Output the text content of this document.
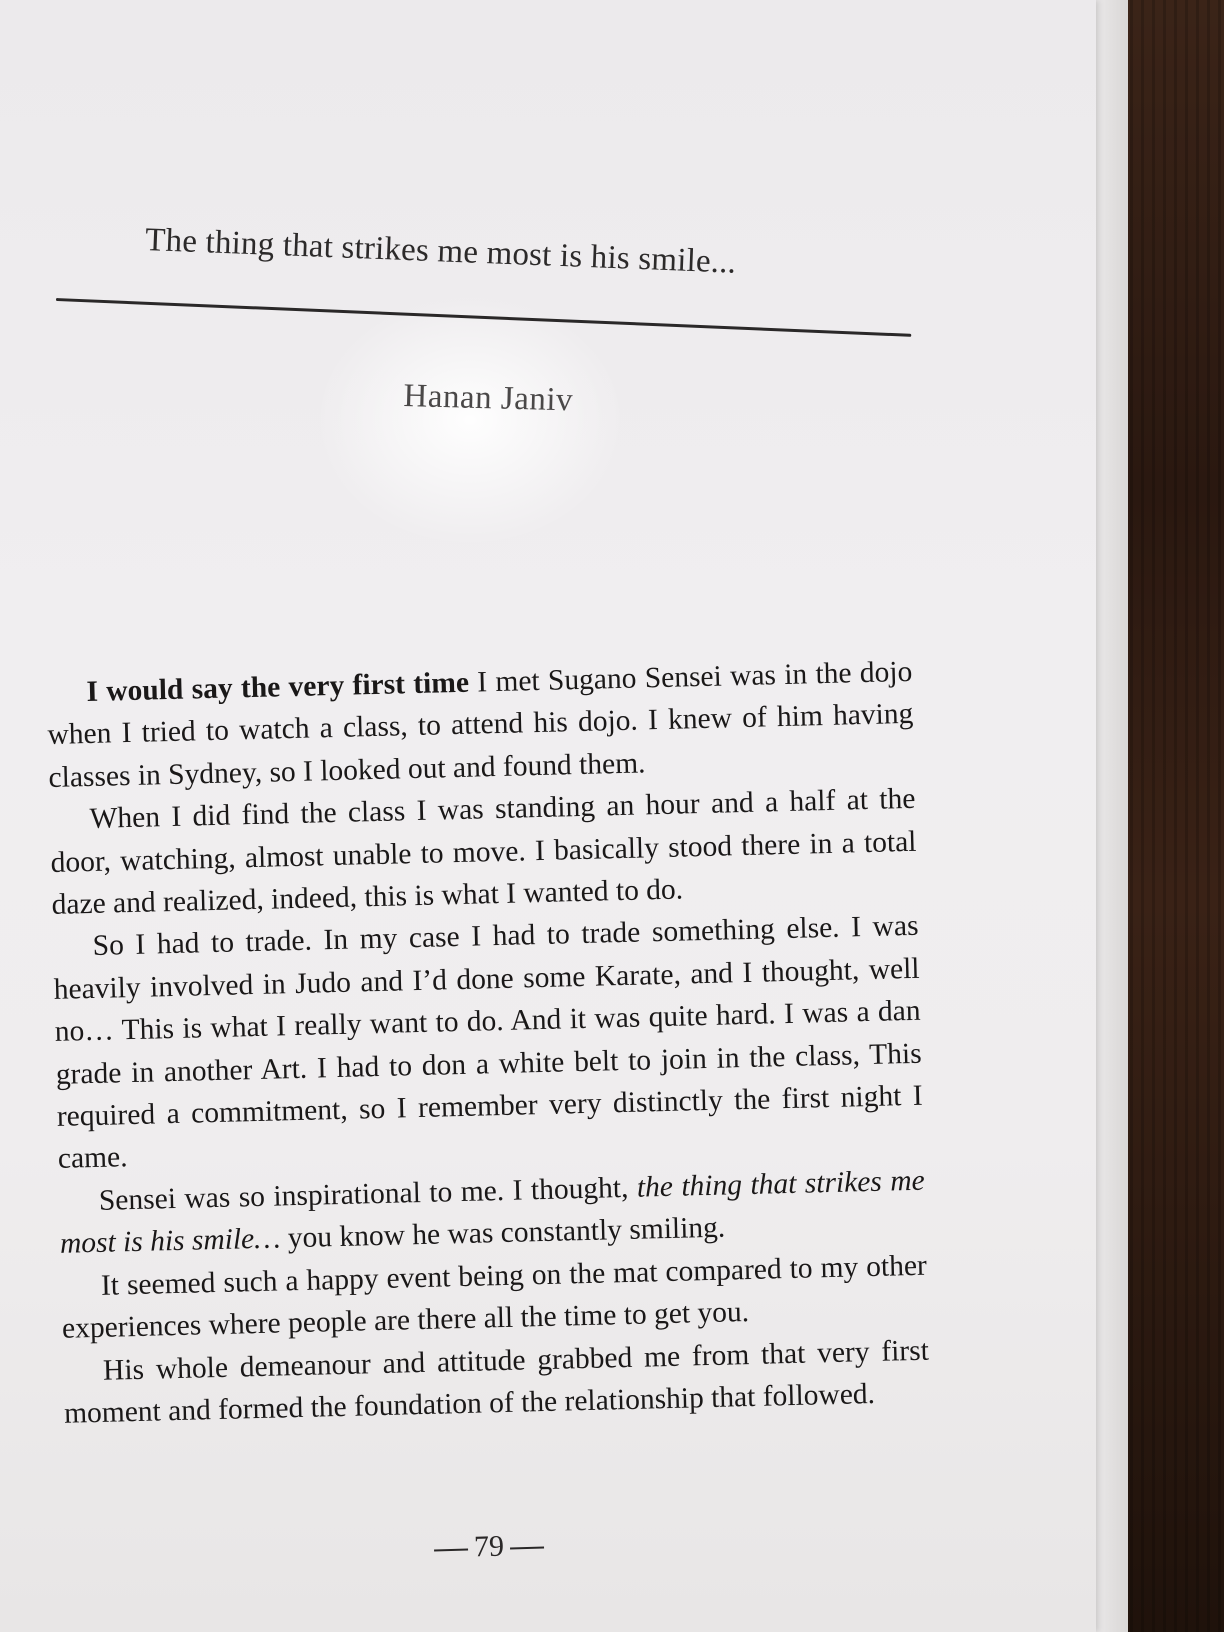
The thing that strikes me most is his smile...
Hanan Janiv

I would say the very first time I met Sugano Sensei was in the dojo when I tried to watch a class, to attend his dojo. I knew of him having classes in Sydney, so I looked out and found them.

When I did find the class I was standing an hour and a half at the door, watching, almost unable to move. I basically stood there in a total daze and realized, indeed, this is what I wanted to do.

So I had to trade. In my case I had to trade something else. I was heavily involved in Judo and I’d done some Karate, and I thought, well no… This is what I really want to do. And it was quite hard. I was a dan grade in another Art. I had to don a white belt to join in the class, This required a commitment, so I remember very distinctly the first night I came.

Sensei was so inspirational to me. I thought, the thing that strikes me most is his smile… you know he was constantly smiling.

It seemed such a happy event being on the mat compared to my other experiences where people are there all the time to get you.

His whole demeanour and attitude grabbed me from that very first moment and formed the foundation of the relationship that followed.

79
